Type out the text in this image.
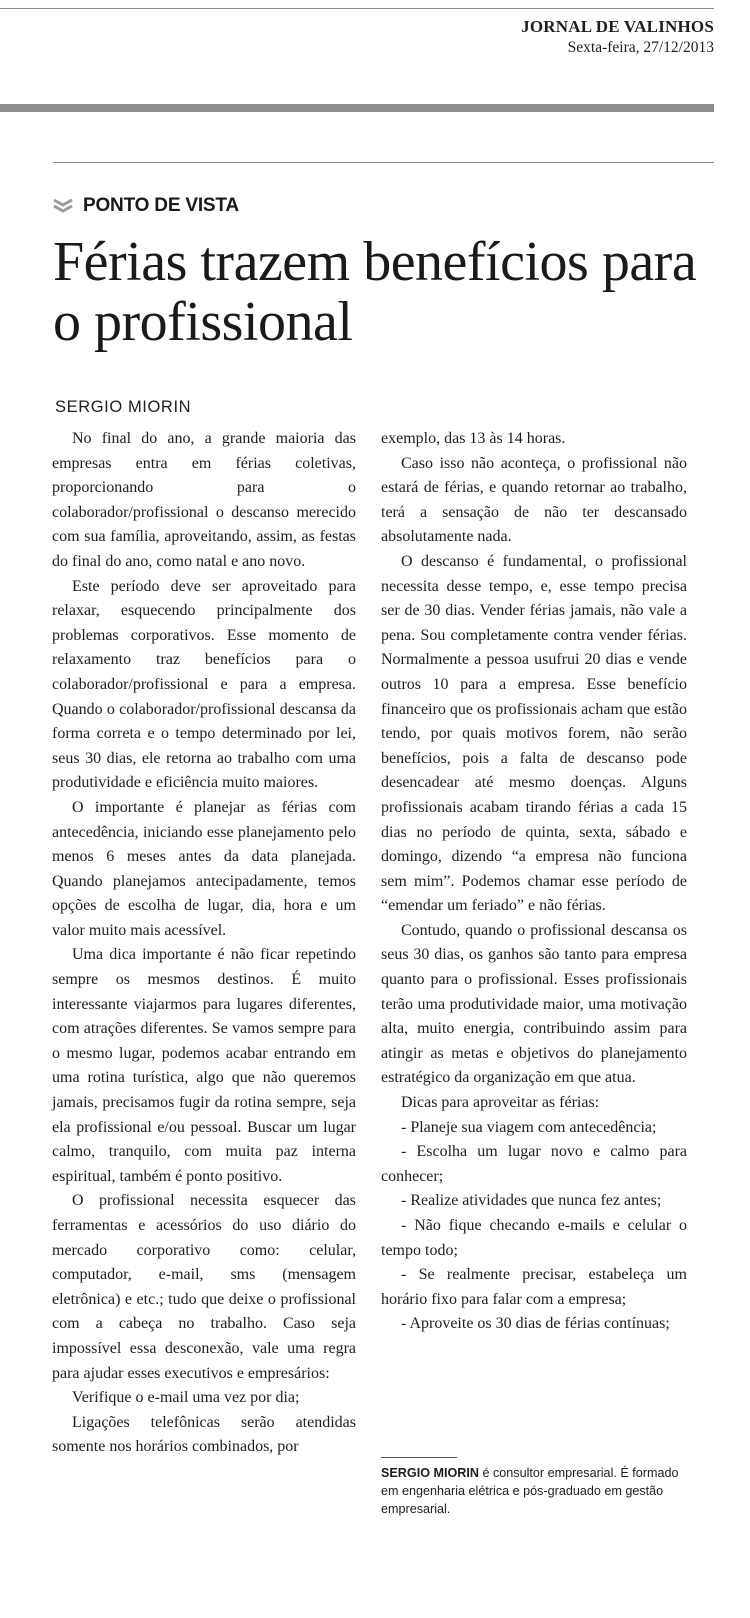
JORNAL DE VALINHOS
Sexta-feira, 27/12/2013
PONTO DE VISTA
Férias trazem benefícios para o profissional
SERGIO MIORIN

No final do ano, a grande maioria das empresas entra em férias coletivas, proporcionando para o colaborador/profissional o descanso merecido com sua família, aproveitando, assim, as festas do final do ano, como natal e ano novo.

Este período deve ser aproveitado para relaxar, esquecendo principalmente dos problemas corporativos. Esse momento de relaxamento traz benefícios para o colaborador/profissional e para a empresa. Quando o colaborador/profissional descansa da forma correta e o tempo determinado por lei, seus 30 dias, ele retorna ao trabalho com uma produtividade e eficiência muito maiores.

O importante é planejar as férias com antecedência, iniciando esse planejamento pelo menos 6 meses antes da data planejada. Quando planejamos antecipadamente, temos opções de escolha de lugar, dia, hora e um valor muito mais acessível.

Uma dica importante é não ficar repetindo sempre os mesmos destinos. É muito interessante viajarmos para lugares diferentes, com atrações diferentes. Se vamos sempre para o mesmo lugar, podemos acabar entrando em uma rotina turística, algo que não queremos jamais, precisamos fugir da rotina sempre, seja ela profissional e/ou pessoal. Buscar um lugar calmo, tranquilo, com muita paz interna espiritual, também é ponto positivo.

O profissional necessita esquecer das ferramentas e acessórios do uso diário do mercado corporativo como: celular, computador, e-mail, sms (mensagem eletrônica) e etc.; tudo que deixe o profissional com a cabeça no trabalho. Caso seja impossível essa desconexão, vale uma regra para ajudar esses executivos e empresários:

Verifique o e-mail uma vez por dia;

Ligações telefônicas serão atendidas somente nos horários combinados, por

exemplo, das 13 às 14 horas.

Caso isso não aconteça, o profissional não estará de férias, e quando retornar ao trabalho, terá a sensação de não ter descansado absolutamente nada.

O descanso é fundamental, o profissional necessita desse tempo, e, esse tempo precisa ser de 30 dias. Vender férias jamais, não vale a pena. Sou completamente contra vender férias. Normalmente a pessoa usufrui 20 dias e vende outros 10 para a empresa. Esse benefício financeiro que os profissionais acham que estão tendo, por quais motivos forem, não serão benefícios, pois a falta de descanso pode desencadear até mesmo doenças. Alguns profissionais acabam tirando férias a cada 15 dias no período de quinta, sexta, sábado e domingo, dizendo “a empresa não funciona sem mim”. Podemos chamar esse período de “emendar um feriado” e não férias.

Contudo, quando o profissional descansa os seus 30 dias, os ganhos são tanto para empresa quanto para o profissional. Esses profissionais terão uma produtividade maior, uma motivação alta, muito energia, contribuindo assim para atingir as metas e objetivos do planejamento estratégico da organização em que atua.

Dicas para aproveitar as férias:

- Planeje sua viagem com antecedência;

- Escolha um lugar novo e calmo para conhecer;

- Realize atividades que nunca fez antes;

- Não fique checando e-mails e celular o tempo todo;

- Se realmente precisar, estabeleça um horário fixo para falar com a empresa;

- Aproveite os 30 dias de férias contínuas;

SERGIO MIORIN é consultor empresarial. É formado em engenharia elétrica e pós-graduado em gestão empresarial.
